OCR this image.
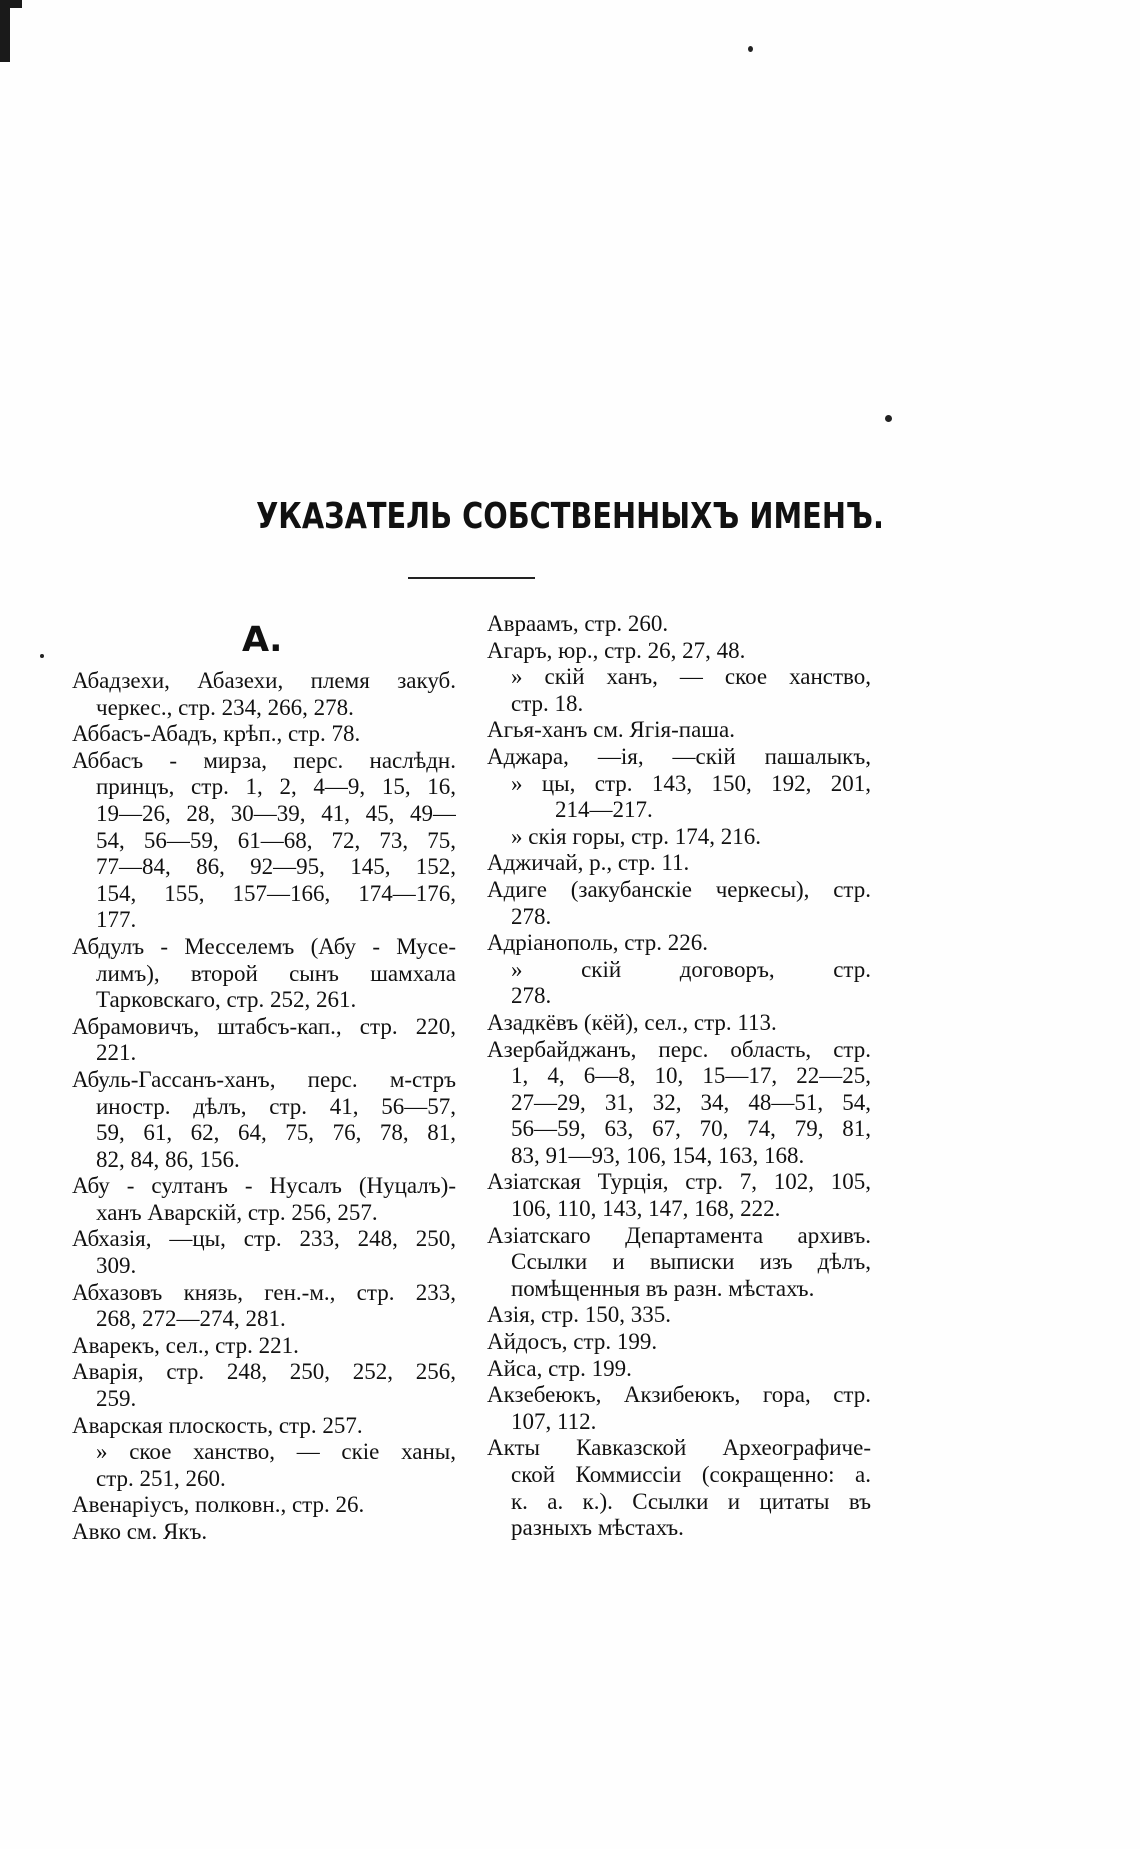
УКАЗАТЕЛЬ СОБСТВЕННЫХЪ ИМЕНЪ.
А.
Абадзехи, Абазехи, племя закуб.
черкес., стр. 234, 266, 278.
Аббасъ-Абадъ, крѣп., стр. 78.
Аббасъ - мирза, перс. наслѣдн.
принцъ, стр. 1, 2, 4—9, 15, 16,
19—26, 28, 30—39, 41, 45, 49—
54, 56—59, 61—68, 72, 73, 75,
77—84, 86, 92—95, 145, 152,
154, 155, 157—166, 174—176,
177.
Абдулъ - Месселемъ (Абу - Мусе-
лимъ), второй сынъ шамхала
Тарковскаго, стр. 252, 261.
Абрамовичъ, штабсъ-кап., стр. 220,
221.
Абуль-Гассанъ-ханъ, перс. м-стръ
иностр. дѣлъ, стр. 41, 56—57,
59, 61, 62, 64, 75, 76, 78, 81,
82, 84, 86, 156.
Абу - султанъ - Нусалъ (Нуцалъ)-
ханъ Аварскій, стр. 256, 257.
Абхазія, —цы, стр. 233, 248, 250,
309.
Абхазовъ князь, ген.-м., стр. 233,
268, 272—274, 281.
Аварекъ, сел., стр. 221.
Аварія, стр. 248, 250, 252, 256,
259.
Аварская плоскость, стр. 257.
» ское ханство, — скіе ханы,
стр. 251, 260.
Авенаріусъ, полковн., стр. 26.
Авко см. Якъ.
Авраамъ, стр. 260.
Агаръ, юр., стр. 26, 27, 48.
» скій ханъ, — ское ханство,
стр. 18.
Агья-ханъ см. Ягія-паша.
Аджара, —ія, —скій пашалыкъ,
» цы, стр. 143, 150, 192, 201,
214—217.
» скія горы, стр. 174, 216.
Аджичай, р., стр. 11.
Адиге (закубанскіе черкесы), стр.
278.
Адріанополь, стр. 226.
» скій договоръ, стр.
278.
Азадкёвъ (кёй), сел., стр. 113.
Азербайджанъ, перс. область, стр.
1, 4, 6—8, 10, 15—17, 22—25,
27—29, 31, 32, 34, 48—51, 54,
56—59, 63, 67, 70, 74, 79, 81,
83, 91—93, 106, 154, 163, 168.
Азіатская Турція, стр. 7, 102, 105,
106, 110, 143, 147, 168, 222.
Азіатскаго Департамента архивъ.
Ссылки и выписки изъ дѣлъ,
помѣщенныя въ разн. мѣстахъ.
Азія, стр. 150, 335.
Айдосъ, стр. 199.
Айса, стр. 199.
Акзебеюкъ, Акзибеюкъ, гора, стр.
107, 112.
Акты Кавказской Археографиче-
ской Коммиссіи (сокращенно: а.
к. а. к.). Ссылки и цитаты въ
разныхъ мѣстахъ.
